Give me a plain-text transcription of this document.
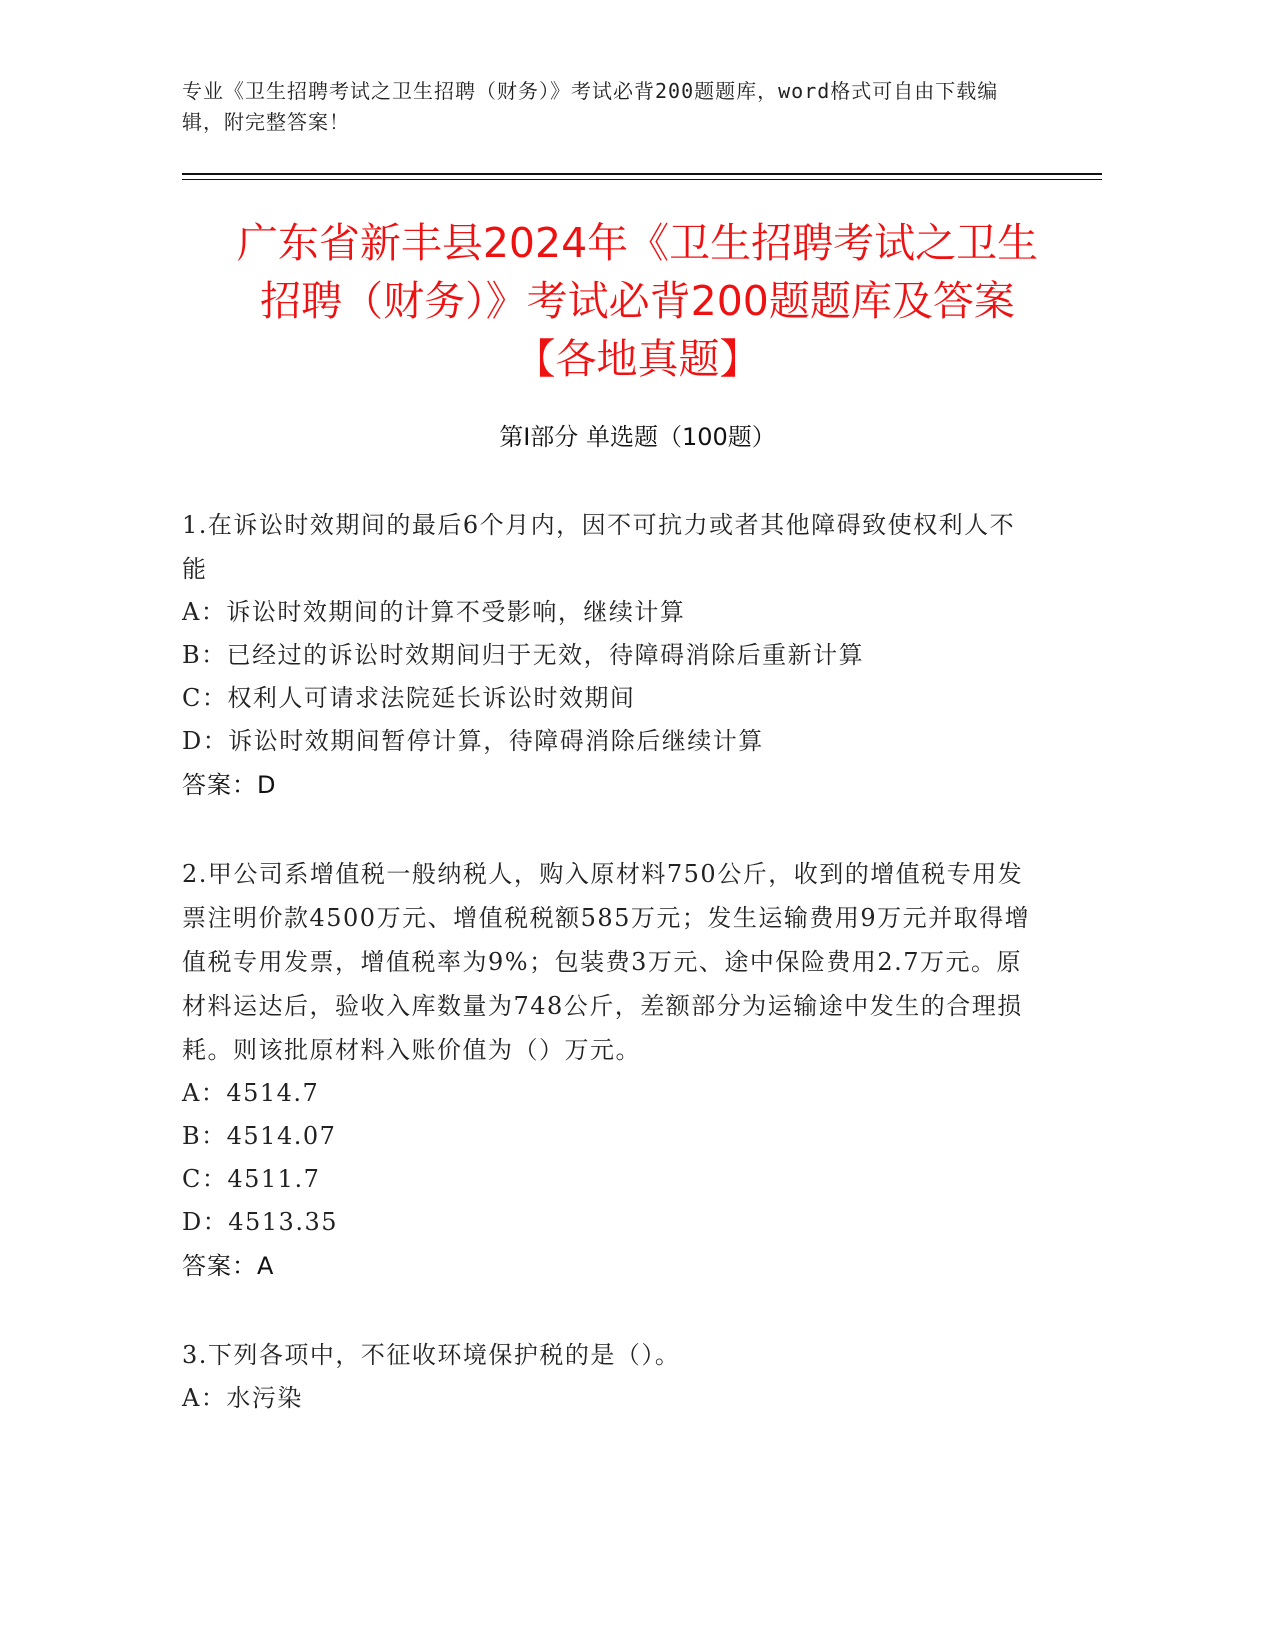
专业《卫生招聘考试之卫生招聘（财务）》考试必背200题题库，word格式可自由下载编辑，附完整答案！
广东省新丰县2024年《卫生招聘考试之卫生
招聘（财务）》考试必背200题题库及答案
【各地真题】
第Ⅰ部分 单选题（100题）
1.在诉讼时效期间的最后6个月内，因不可抗力或者其他障碍致使权利人不能
A：诉讼时效期间的计算不受影响，继续计算
B：已经过的诉讼时效期间归于无效，待障碍消除后重新计算
C：权利人可请求法院延长诉讼时效期间
D：诉讼时效期间暂停计算，待障碍消除后继续计算
答案：D
2.甲公司系增值税一般纳税人，购入原材料750公斤，收到的增值税专用发票注明价款4500万元、增值税税额585万元；发生运输费用9万元并取得增值税专用发票，增值税率为9%；包装费3万元、途中保险费用2.7万元。原材料运达后，验收入库数量为748公斤，差额部分为运输途中发生的合理损耗。则该批原材料入账价值为（）万元。
A：4514.7
B：4514.07
C：4511.7
D：4513.35
答案：A
3.下列各项中，不征收环境保护税的是（）。
A：水污染
